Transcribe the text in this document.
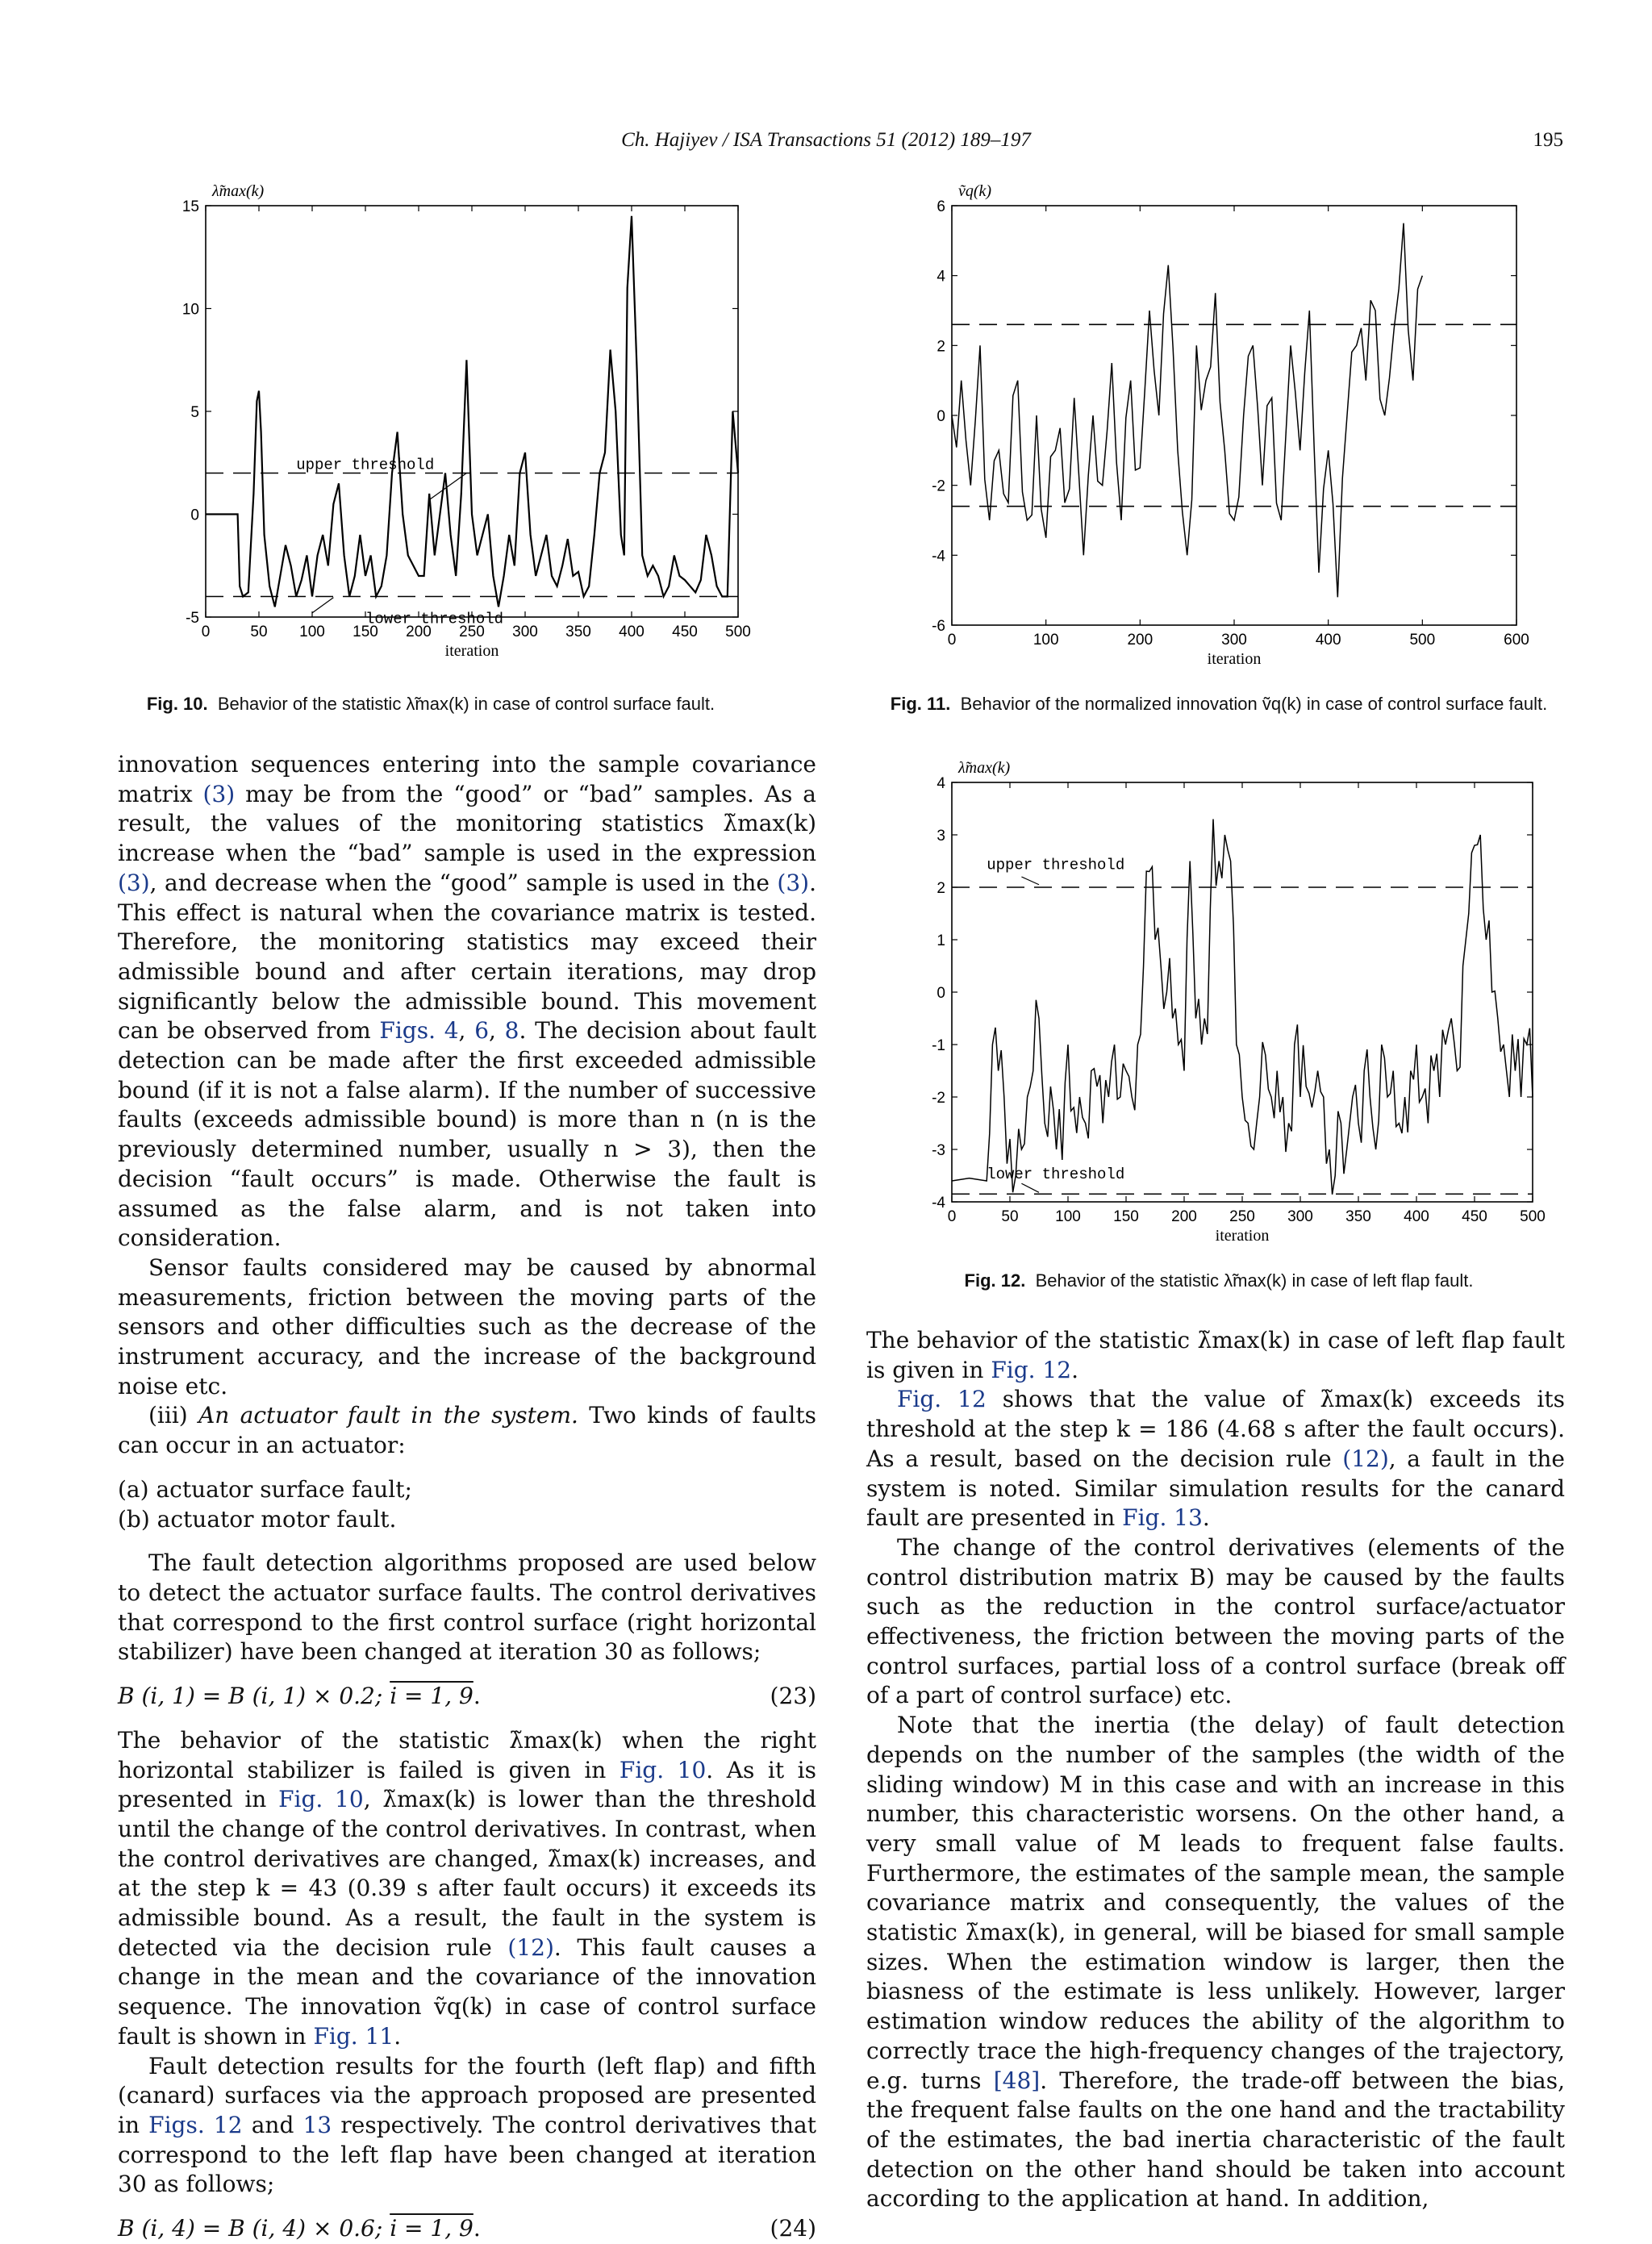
Ch. Hajiyev / ISA Transactions 51 (2012) 189–197	195
0	50 100 150 200 250 300 350 400 450 500
-5
0
5
10
15
iteration
λ̃max(k)
upper threshold
lower threshold
Fig. 10. Behavior of the statistic λ̃max(k) in case of control surface fault.
0	100	200	300	400	500	600
-6
-4
-2
0
2
4
6
iteration
ṽq(k)
Fig. 11. Behavior of the normalized innovation ṽq(k) in case of control surface fault.
0	50 100 150 200 250 300 350 400 450 500
-4
-3
-2
-1
0
1
2
3
4
iteration
λ̃max(k)
upper threshold
lower threshold
Fig. 12. Behavior of the statistic λ̃max(k) in case of left flap fault.

innovation sequences entering into the sample covariance matrix (3) may be from the “good” or “bad” samples. As a result, the values of the monitoring statistics λ̃max(k) increase when the “bad” sample is used in the expression (3), and decrease when the “good” sample is used in the (3). This effect is natural when the covariance matrix is tested. Therefore, the monitoring statistics may exceed their admissible bound and after certain iterations, may drop significantly below the admissible bound. This movement can be observed from Figs. 4, 6, 8. The decision about fault detection can be made after the first exceeded admissible bound (if it is not a false alarm). If the number of successive faults (exceeds admissible bound) is more than n (n is the previously determined number, usually n > 3), then the decision “fault occurs” is made. Otherwise the fault is assumed as the false alarm, and is not taken into consideration.

Sensor faults considered may be caused by abnormal measurements, friction between the moving parts of the sensors and other difficulties such as the decrease of the instrument accuracy, and the increase of the background noise etc.

(iii) An actuator fault in the system. Two kinds of faults can occur in an actuator:

(a) actuator surface fault;

(b) actuator motor fault.

The fault detection algorithms proposed are used below to detect the actuator surface faults. The control derivatives that correspond to the first control surface (right horizontal stabilizer) have been changed at iteration 30 as follows;

B (i, 1) = B (i, 1) × 0.2; i = 1, 9.	(23)

The behavior of the statistic λ̃max(k) when the right horizontal stabilizer is failed is given in Fig. 10. As it is presented in Fig. 10, λ̃max(k) is lower than the threshold until the change of the control derivatives. In contrast, when the control derivatives are changed, λ̃max(k) increases, and at the step k = 43 (0.39 s after fault occurs) it exceeds its admissible bound. As a result, the fault in the system is detected via the decision rule (12). This fault causes a change in the mean and the covariance of the innovation sequence. The innovation ṽq(k) in case of control surface fault is shown in Fig. 11.

Fault detection results for the fourth (left flap) and fifth (canard) surfaces via the approach proposed are presented in Figs. 12 and 13 respectively. The control derivatives that correspond to the left flap have been changed at iteration 30 as follows;

B (i, 4) = B (i, 4) × 0.6; i = 1, 9.	(24)

The behavior of the statistic λ̃max(k) in case of left flap fault is given in Fig. 12.

Fig. 12 shows that the value of λ̃max(k) exceeds its threshold at the step k = 186 (4.68 s after the fault occurs). As a result, based on the decision rule (12), a fault in the system is noted. Similar simulation results for the canard fault are presented in Fig. 13.

The change of the control derivatives (elements of the control distribution matrix B) may be caused by the faults such as the reduction in the control surface/actuator effectiveness, the friction between the moving parts of the control surfaces, partial loss of a control surface (break off of a part of control surface) etc.

Note that the inertia (the delay) of fault detection depends on the number of the samples (the width of the sliding window) M in this case and with an increase in this number, this characteristic worsens. On the other hand, a very small value of M leads to frequent false faults. Furthermore, the estimates of the sample mean, the sample covariance matrix and consequently, the values of the statistic λ̃max(k), in general, will be biased for small sample sizes. When the estimation window is larger, then the biasness of the estimate is less unlikely. However, larger estimation window reduces the ability of the algorithm to correctly trace the high-frequency changes of the trajectory, e.g. turns [48]. Therefore, the trade-off between the bias, the frequent false faults on the one hand and the tractability of the estimates, the bad inertia characteristic of the fault detection on the other hand should be taken into account according to the application at hand. In addition,
